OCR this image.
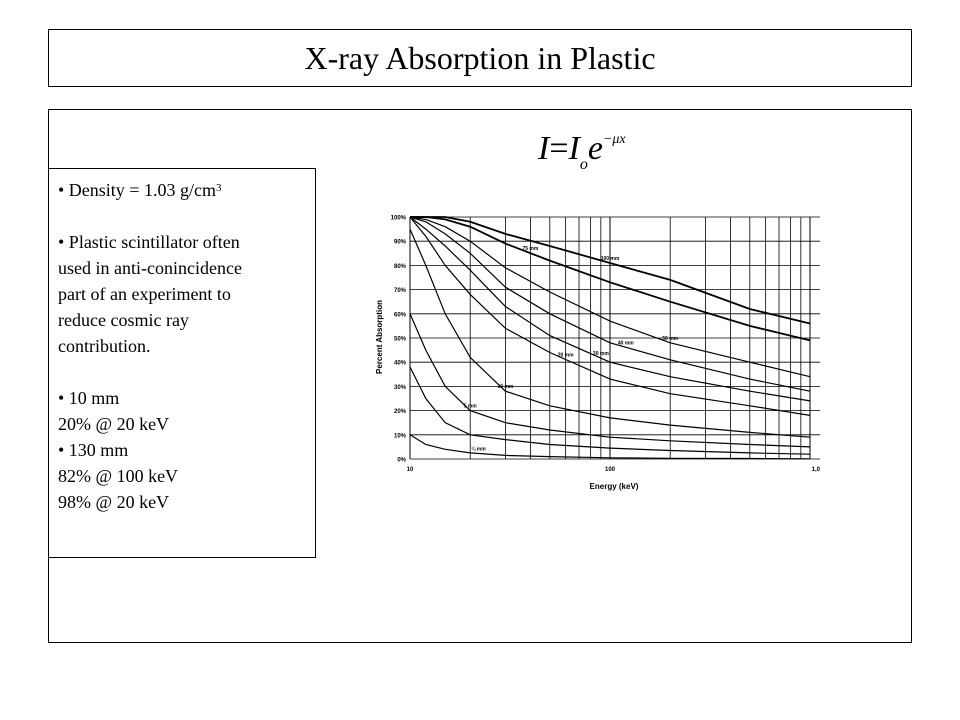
X-ray Absorption in Plastic
$I=I_oe^{-\mu x}$

• Density = 1.03 $g/cm^3$

• Plastic scintillator often

used in anti-conincidence

part of an experiment to

reduce cosmic ray

contribution.

• 10 mm

20% @ 20 keV

• 130 mm

82% @ 100 keV

98% @ 20 keV

0%
10%
20%
30%
40%
50%
60%
70%
80%
90%
100%
10	100	1,0
¼ mm
5 mm
10 mm
20 mm	30 mm
40 mm
50 mm
75 mm
100 mm
Percent Absorption
Energy (keV)
